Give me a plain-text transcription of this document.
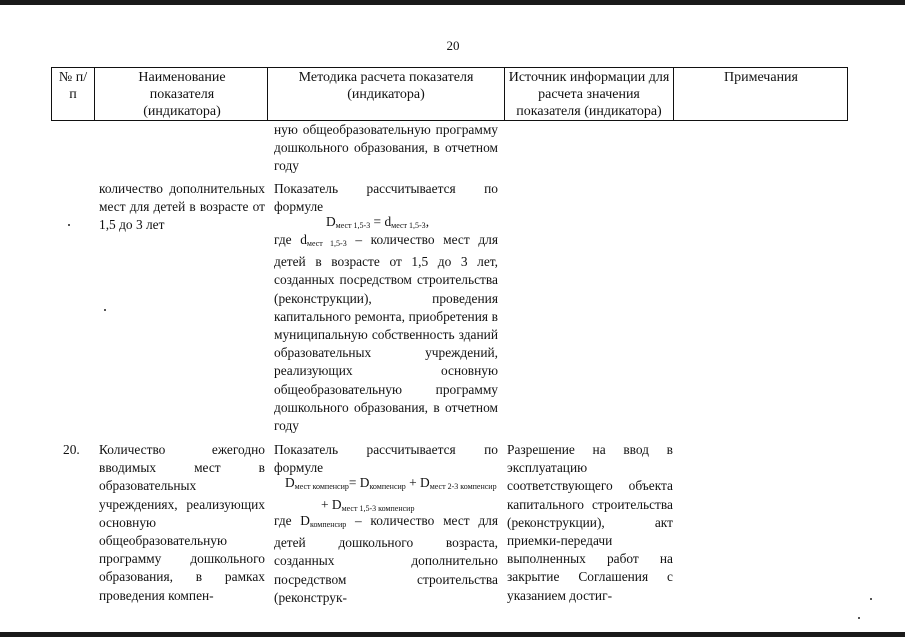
20
№ п/п
Наименование показателя (индикатора)
Методика расчета показателя (индикатора)
Источник информации для расчета значения показателя (индикатора)
Примечания
ную общеобразовательную программу дошкольного образования, в отчетном году
количество дополнительных мест для детей в возрасте от 1,5 до 3 лет
Показатель рассчитывается по формуле
$D_{мест 1,5-3} = d_{мест 1,5-3}$,
где $d_{мест 1,5-3}$ – количество мест для детей в возрасте от 1,5 до 3 лет, созданных посредством строительства (реконструкции), проведения капитального ремонта, приобретения в муниципальную собственность зданий образовательных учреждений, реализующих основную общеобразовательную программу дошкольного образования, в отчетном году
20.	Количество ежегодно вводимых мест в образовательных учреждениях, реализующих основную общеобразовательную программу дошкольного образования, в рамках проведения компен-
Показатель рассчитывается по формуле
$D_{мест компенсир}= D_{компенсир} + D_{мест 2-3 компенсир}$
+ $D_{мест 1,5-3 компенсир}$
где $D_{компенсир}$ – количество мест для детей дошкольного возраста, созданных дополнительно посредством строительства (реконструк-
Разрешение на ввод в эксплуатацию соответствующего объекта капитального строительства (реконструкции), акт приемки-передачи выполненных работ на закрытие Соглашения с указанием достиг-
